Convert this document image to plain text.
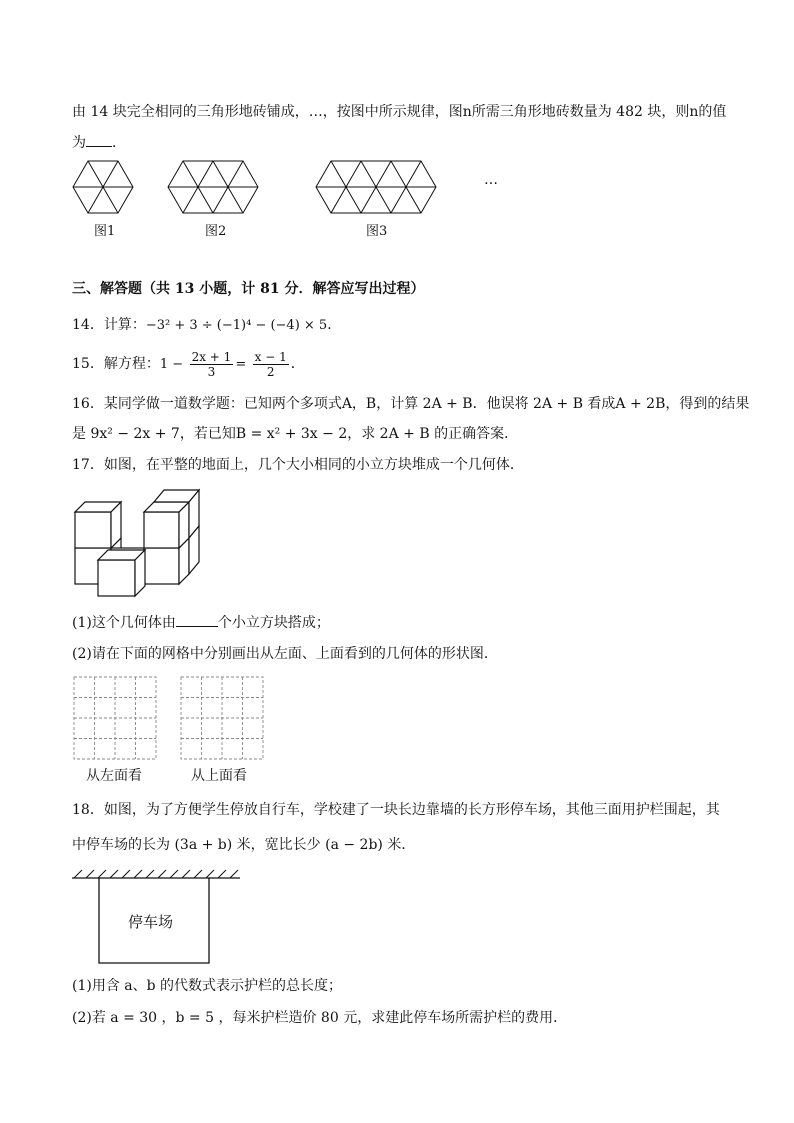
由 14 块完全相同的三角形地砖铺成，…，按图中所示规律，图n所需三角形地砖数量为 482 块，则n的值
为 ．
图1	图2	图3
…
三、解答题（共 13 小题，计 81 分．解答应写出过程）
14．计算：−3² + 3 ÷ (−1)⁴ − (−4) × 5．
15．解方程：$1 - \frac{2x + 1}{3} = \frac{x - 1}{2}$ ．
16．某同学做一道数学题：已知两个多项式A，B，计算 2A + B．他误将 2A + B 看成A + 2B，得到的结果
是 9x² − 2x + 7，若已知B = x² + 3x − 2，求 2A + B 的正确答案．
17．如图，在平整的地面上，几个大小相同的小立方块堆成一个几何体．
(1)这个几何体由	个小立方块搭成；
(2)请在下面的网格中分别画出从左面、上面看到的几何体的形状图．
从左面看	从上面看
18．如图，为了方便学生停放自行车，学校建了一块长边靠墙的长方形停车场，其他三面用护栏围起，其
中停车场的长为 (3a + b) 米，宽比长少 (a − 2b) 米．
停车场
(1)用含 a、b 的代数式表示护栏的总长度；
(2)若 a = 30 ，b = 5 ，每米护栏造价 80 元，求建此停车场所需护栏的费用．
